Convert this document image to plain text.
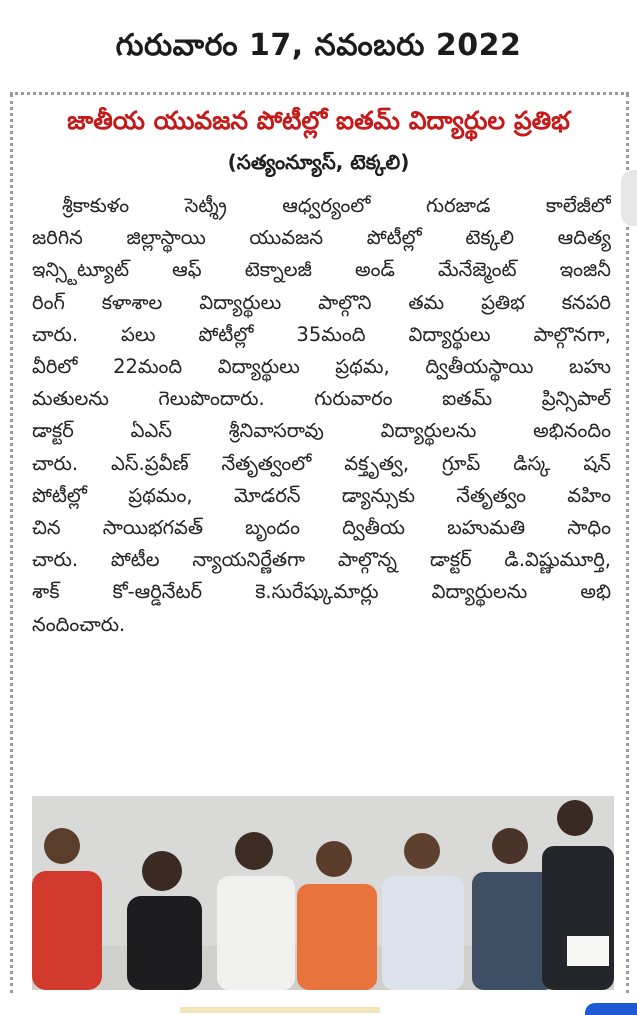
గురువారం 17, నవంబరు 2022
జాతీయ యువజన పోటీల్లో ఐతమ్ విద్యార్థుల ప్రతిభ
(సత్యంన్యూస్, టెక్కలి)
శ్రీకాకుళం సెట్శ్రీ ఆధ్వర్యంలో గురజాడ కాలేజీలో
జరిగిన జిల్లాస్థాయి యువజన పోటీల్లో టెక్కలి ఆదిత్య
ఇన్స్టిట్యూట్ ఆఫ్ టెక్నాలజీ అండ్ మేనేజ్మెంట్ ఇంజినీ
రింగ్ కళాశాల విద్యార్థులు పాల్గొని తమ ప్రతిభ కనపరి
చారు. పలు పోటీల్లో 35మంది విద్యార్థులు పాల్గొనగా,
వీరిలో 22మంది విద్యార్థులు ప్రథమ, ద్వితీయస్థాయి బహు
మతులను గెలుపొందారు. గురువారం ఐతమ్ ప్రిన్సిపాల్
డాక్టర్ ఏఎస్ శ్రీనివాసరావు విద్యార్థులను అభినందిం
చారు. ఎస్.ప్రవీణ్ నేతృత్వంలో వక్తృత్వ, గ్రూప్ డిస్క షన్
పోటీల్లో ప్రథమం, మోడరన్ డ్యాన్సుకు నేతృత్వం వహిం
చిన సాయిభగవత్ బృందం ద్వితీయ బహుమతి సాధిం
చారు. పోటీల న్యాయనిర్ణేతగా పాల్గొన్న డాక్టర్ డి.విష్ణుమూర్తి,
శాక్ కో-ఆర్డినేటర్ కె.సురేష్కుమార్లు విద్యార్థులను అభి
నందించారు.
